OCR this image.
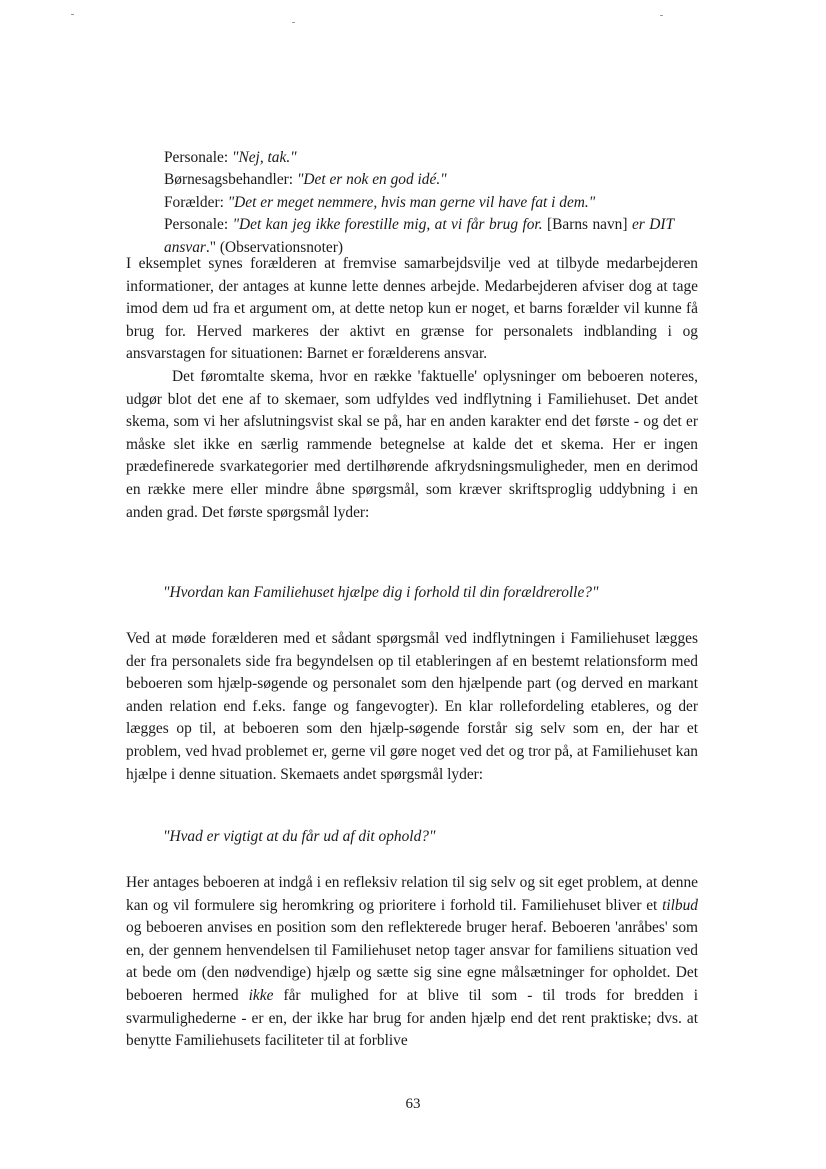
Personale: "Nej, tak."

Børnesagsbehandler: "Det er nok en god idé."

Forælder: "Det er meget nemmere, hvis man gerne vil have fat i dem."

Personale: "Det kan jeg ikke forestille mig, at vi får brug for. [Barns navn] er DIT ansvar." (Observationsnoter)

I eksemplet synes forælderen at fremvise samarbejdsvilje ved at tilbyde medarbejderen informationer, der antages at kunne lette dennes arbejde. Medarbejderen afviser dog at tage imod dem ud fra et argument om, at dette netop kun er noget, et barns forælder vil kunne få brug for. Herved markeres der aktivt en grænse for personalets indblanding i og ansvarstagen for situationen: Barnet er forælderens ansvar.

Det føromtalte skema, hvor en række 'faktuelle' oplysninger om beboeren noteres, udgør blot det ene af to skemaer, som udfyldes ved indflytning i Familiehuset. Det andet skema, som vi her afslutningsvist skal se på, har en anden karakter end det første - og det er måske slet ikke en særlig rammende betegnelse at kalde det et skema. Her er ingen prædefinerede svarkategorier med dertilhørende afkrydsningsmuligheder, men en derimod en række mere eller mindre åbne spørgsmål, som kræver skriftsproglig uddybning i en anden grad. Det første spørgsmål lyder:

"Hvordan kan Familiehuset hjælpe dig i forhold til din forældrerolle?"

Ved at møde forælderen med et sådant spørgsmål ved indflytningen i Familiehuset lægges der fra personalets side fra begyndelsen op til etableringen af en bestemt relationsform med beboeren som hjælp-søgende og personalet som den hjælpende part (og derved en markant anden relation end f.eks. fange og fangevogter). En klar rollefordeling etableres, og der lægges op til, at beboeren som den hjælp-søgende forstår sig selv som en, der har et problem, ved hvad problemet er, gerne vil gøre noget ved det og tror på, at Familiehuset kan hjælpe i denne situation. Skemaets andet spørgsmål lyder:

"Hvad er vigtigt at du får ud af dit ophold?"

Her antages beboeren at indgå i en refleksiv relation til sig selv og sit eget problem, at denne kan og vil formulere sig heromkring og prioritere i forhold til. Familiehuset bliver et tilbud og beboeren anvises en position som den reflekterede bruger heraf. Beboeren 'anråbes' som en, der gennem henvendelsen til Familiehuset netop tager ansvar for familiens situation ved at bede om (den nødvendige) hjælp og sætte sig sine egne målsætninger for opholdet. Det beboeren hermed ikke får mulighed for at blive til som - til trods for bredden i svarmulighederne - er en, der ikke har brug for anden hjælp end det rent praktiske; dvs. at benytte Familiehusets faciliteter til at forblive

63
